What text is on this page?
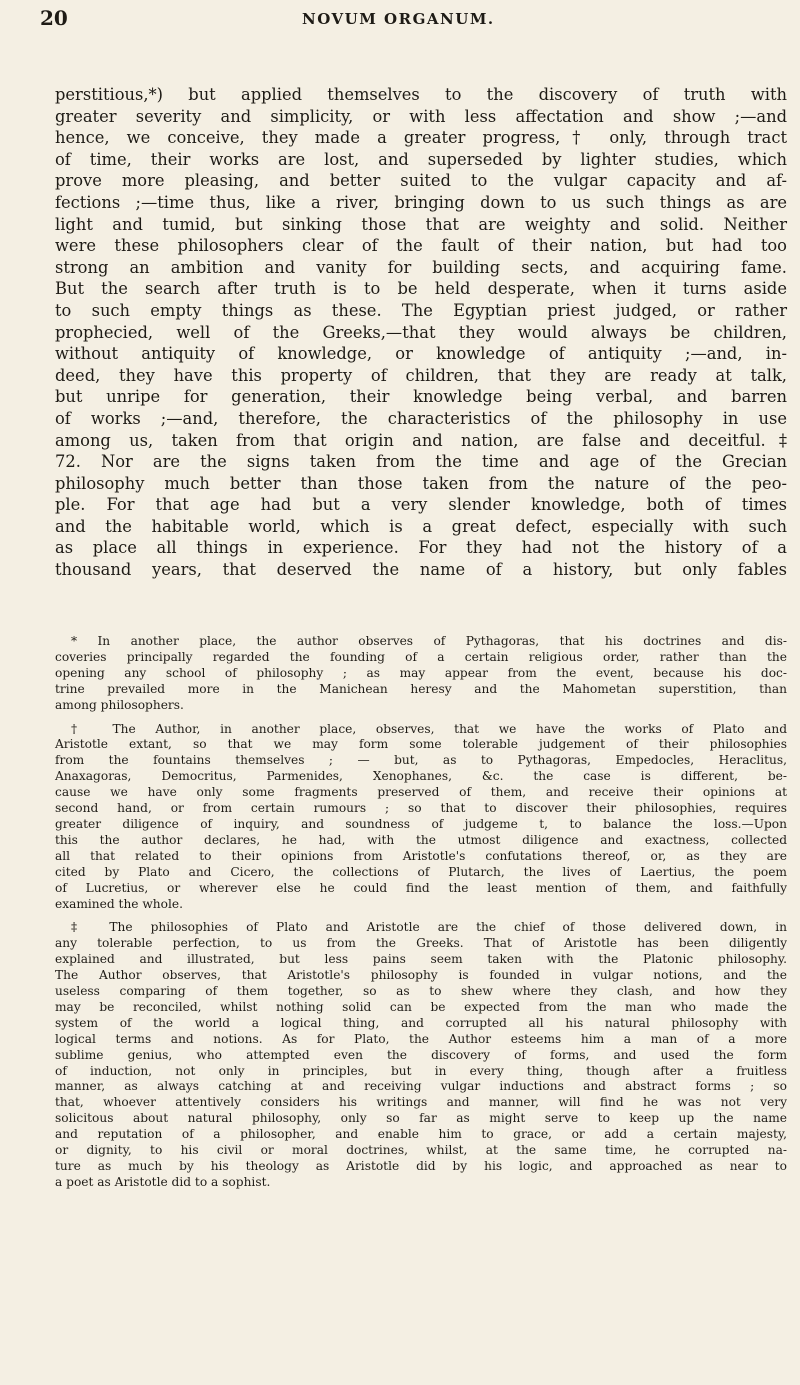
20	NOVUM ORGANUM.
perstitious,*) but applied themselves to the discovery of truth with
greater severity and simplicity, or with less affectation and show ;—and
hence, we conceive, they made a greater progress,† only, through tract
of time, their works are lost, and superseded by lighter studies, which
prove more pleasing, and better suited to the vulgar capacity and af-
fections ;—time thus, like a river, bringing down to us such things as are
light and tumid, but sinking those that are weighty and solid. Neither
were these philosophers clear of the fault of their nation, but had too
strong an ambition and vanity for building sects, and acquiring fame.
But the search after truth is to be held desperate, when it turns aside
to such empty things as these. The Egyptian priest judged, or rather
prophecied, well of the Greeks,—that they would always be children,
without antiquity of knowledge, or knowledge of antiquity ;—and, in-
deed, they have this property of children, that they are ready at talk,
but unripe for generation, their knowledge being verbal, and barren
of works ;—and, therefore, the characteristics of the philosophy in use
among us, taken from that origin and nation, are false and deceitful.‡
72. Nor are the signs taken from the time and age of the Grecian
philosophy much better than those taken from the nature of the peo-
ple. For that age had but a very slender knowledge, both of times
and the habitable world, which is a great defect, especially with such
as place all things in experience. For they had not the history of a
thousand years, that deserved the name of a history, but only fables
* In another place, the author observes of Pythagoras, that his doctrines and dis-
coveries principally regarded the founding of a certain religious order, rather than the
opening any school of philosophy ; as may appear from the event, because his doc-
trine prevailed more in the Manichean heresy and the Mahometan superstition, than
among philosophers.
† The Author, in another place, observes, that we have the works of Plato and
Aristotle extant, so that we may form some tolerable judgement of their philosophies
from the fountains themselves ; — but, as to Pythagoras, Empedocles, Heraclitus,
Anaxagoras, Democritus, Parmenides, Xenophanes, &c. the case is different, be-
cause we have only some fragments preserved of them, and receive their opinions at
second hand, or from certain rumours ; so that to discover their philosophies, requires
greater diligence of inquiry, and soundness of judgeme t, to balance the loss.—Upon
this the author declares, he had, with the utmost diligence and exactness, collected
all that related to their opinions from Aristotle's confutations thereof, or, as they are
cited by Plato and Cicero, the collections of Plutarch, the lives of Laertius, the poem
of Lucretius, or wherever else he could find the least mention of them, and faithfully
examined the whole.
‡ The philosophies of Plato and Aristotle are the chief of those delivered down, in
any tolerable perfection, to us from the Greeks. That of Aristotle has been diligently
explained and illustrated, but less pains seem taken with the Platonic philosophy.
The Author observes, that Aristotle's philosophy is founded in vulgar notions, and the
useless comparing of them together, so as to shew where they clash, and how they
may be reconciled, whilst nothing solid can be expected from the man who made the
system of the world a logical thing, and corrupted all his natural philosophy with
logical terms and notions. As for Plato, the Author esteems him a man of a more
sublime genius, who attempted even the discovery of forms, and used the form
of induction, not only in principles, but in every thing, though after a fruitless
manner, as always catching at and receiving vulgar inductions and abstract forms ; so
that, whoever attentively considers his writings and manner, will find he was not very
solicitous about natural philosophy, only so far as might serve to keep up the name
and reputation of a philosopher, and enable him to grace, or add a certain majesty,
or dignity, to his civil or moral doctrines, whilst, at the same time, he corrupted na-
ture as much by his theology as Aristotle did by his logic, and approached as near to
a poet as Aristotle did to a sophist.
